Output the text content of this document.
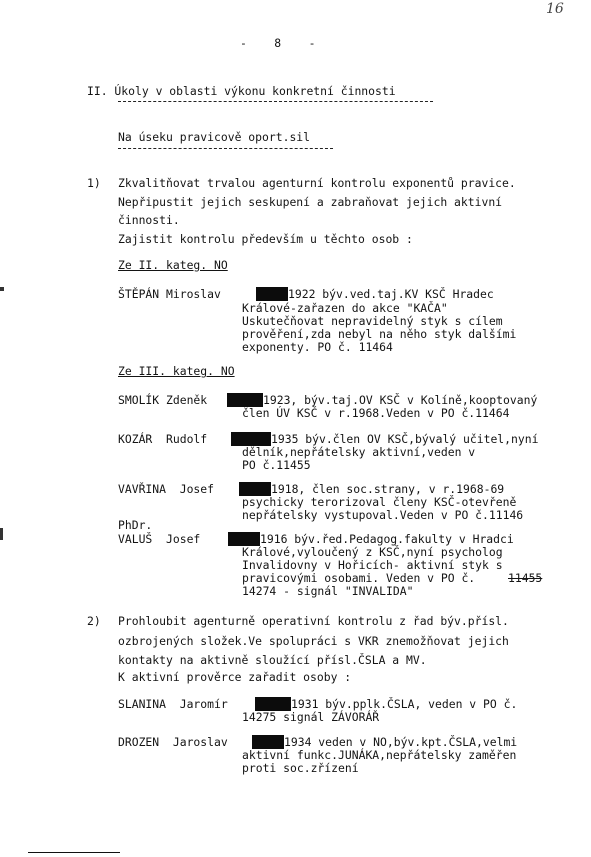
16
-    8    -
II. Úkoly v oblasti výkonu konkretní činnosti
Na úseku pravicově oport.sil
1) Zkvalitňovat trvalou agenturní kontrolu exponentů pravice.
Nepřipustit jejich seskupení a zabraňovat jejich aktivní
činnosti.
Zajistit kontrolu především u těchto osob :
Ze II. kateg. NO
ŠTĚPÁN Miroslav	1922 býv.ved.taj.KV KSČ Hradec
Králové-zařazen do akce "KAČA"
Uskutečňovat nepravidelný styk s cílem
prověření,zda nebyl na něho styk dalšími
exponenty. PO č. 11464
Ze III. kateg. NO
SMOLÍK Zdeněk	1923, býv.taj.OV KSČ v Kolíně,kooptovaný
člen ÚV KSČ v r.1968.Veden v PO č.11464
KOZÁR  Rudolf	1935 býv.člen OV KSČ,bývalý učitel,nyní
dělník,nepřátelsky aktivní,veden v
PO č.11455
VAVŘINA  Josef	1918, člen soc.strany, v r.1968-69
psychicky terorizoval členy KSČ-otevřeně
nepřátelsky vystupoval.Veden v PO č.11146
PhDr.
VALUŠ  Josef	1916 býv.řed.Pedagog.fakulty v Hradci
Králové,vyloučený z KSČ,nyní psycholog
Invalidovny v Hořicích- aktivní styk s
pravicovými osobami. Veden v PO č.	11455
14274 - signál "INVALIDA"
2) Prohloubit agenturně operativní kontrolu z řad býv.přísl.
ozbrojených složek.Ve spolupráci s VKR znemožňovat jejich
kontakty na aktivně sloužící přísl.ČSLA a MV.
K aktivní prověrce zařadit osoby :
SLANINA  Jaromír	1931 býv.pplk.ČSLA, veden v PO č.
14275 signál ZÁVORÁŘ
DROZEN  Jaroslav	1934 veden v NO,býv.kpt.ČSLA,velmi
aktivní funkc.JUNÁKA,nepřátelsky zaměřen
proti soc.zřízení
